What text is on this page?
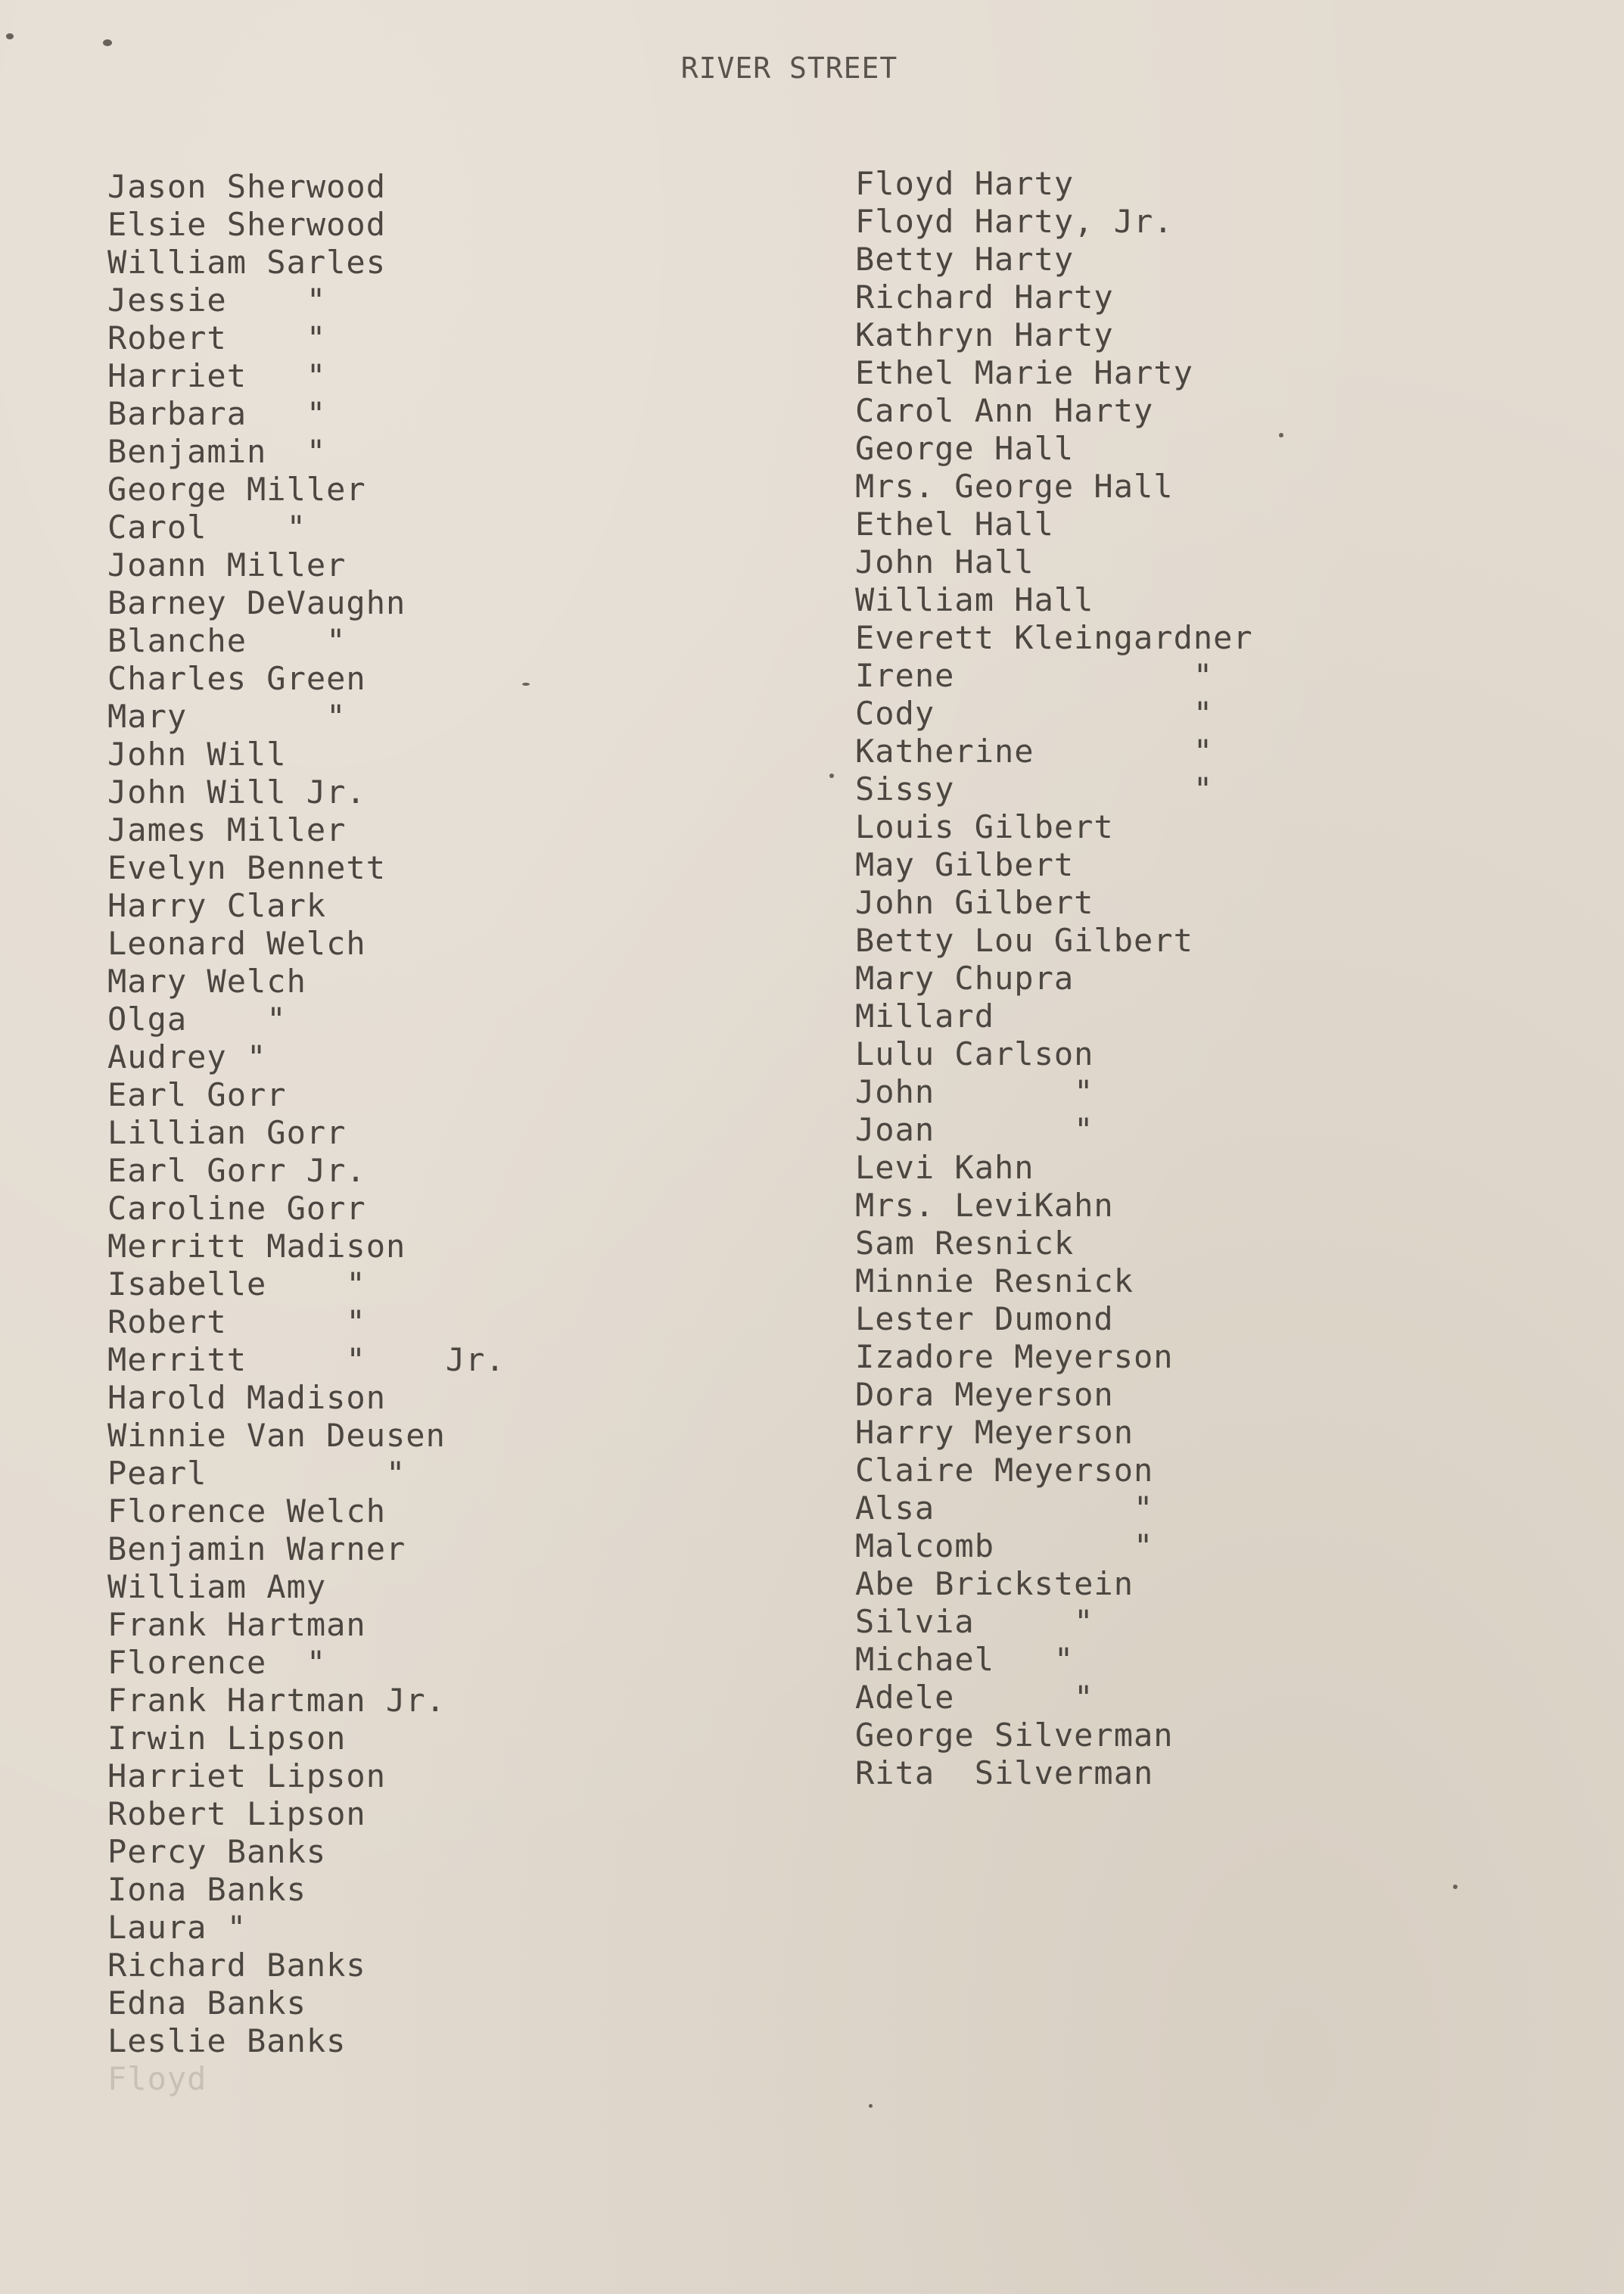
RIVER STREET
Jason Sherwood
Elsie Sherwood
William Sarles
Jessie    "
Robert    "
Harriet   "
Barbara   "
Benjamin  "
George Miller
Carol    "
Joann Miller
Barney DeVaughn
Blanche    "
Charles Green
Mary       "
John Will
John Will Jr.
James Miller
Evelyn Bennett
Harry Clark
Leonard Welch
Mary Welch
Olga    "
Audrey "
Earl Gorr
Lillian Gorr
Earl Gorr Jr.
Caroline Gorr
Merritt Madison
Isabelle    "
Robert      "
Merritt     "    Jr.
Harold Madison
Winnie Van Deusen
Pearl         "
Florence Welch
Benjamin Warner
William Amy
Frank Hartman
Florence  "
Frank Hartman Jr.
Irwin Lipson
Harriet Lipson
Robert Lipson
Percy Banks
Iona Banks
Laura "
Richard Banks
Edna Banks
Leslie Banks
Floyd
Floyd Harty
Floyd Harty, Jr.
Betty Harty
Richard Harty
Kathryn Harty
Ethel Marie Harty
Carol Ann Harty
George Hall
Mrs. George Hall
Ethel Hall
John Hall
William Hall
Everett Kleingardner
Irene            "
Cody             "
Katherine        "
Sissy            "
Louis Gilbert
May Gilbert
John Gilbert
Betty Lou Gilbert
Mary Chupra
Millard
Lulu Carlson
John       "
Joan       "
Levi Kahn
Mrs. LeviKahn
Sam Resnick
Minnie Resnick
Lester Dumond
Izadore Meyerson
Dora Meyerson
Harry Meyerson
Claire Meyerson
Alsa          "
Malcomb       "
Abe Brickstein
Silvia     "
Michael   "
Adele      "
George Silverman
Rita  Silverman
